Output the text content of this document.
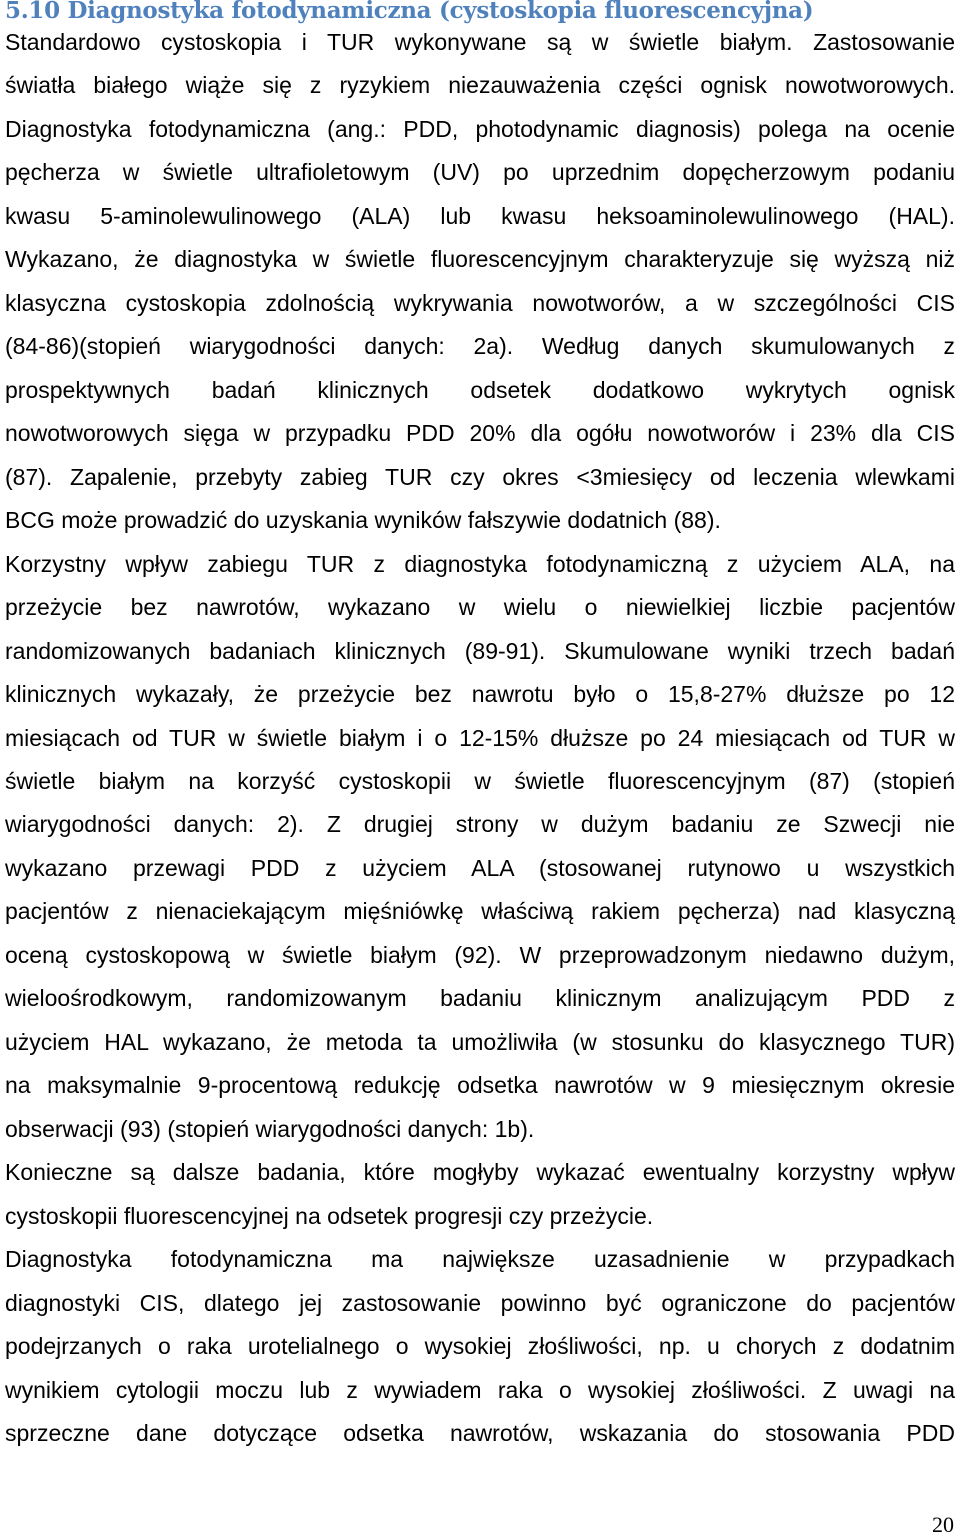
5.10 Diagnostyka fotodynamiczna (cystoskopia fluorescencyjna)
Standardowo cystoskopia i TUR wykonywane są w świetle białym. Zastosowanie
światła białego wiąże się z ryzykiem niezauważenia części ognisk nowotworowych.
Diagnostyka fotodynamiczna (ang.: PDD, photodynamic diagnosis) polega na ocenie
pęcherza w świetle ultrafioletowym (UV) po uprzednim dopęcherzowym podaniu
kwasu 5-aminolewulinowego (ALA) lub kwasu heksoaminolewulinowego (HAL).
Wykazano, że diagnostyka w świetle fluorescencyjnym charakteryzuje się wyższą niż
klasyczna cystoskopia zdolnością wykrywania nowotworów, a w szczególności CIS
(84-86)(stopień wiarygodności danych: 2a). Według danych skumulowanych z
prospektywnych badań klinicznych odsetek dodatkowo wykrytych ognisk
nowotworowych sięga w przypadku PDD 20% dla ogółu nowotworów i 23% dla CIS
(87). Zapalenie, przebyty zabieg TUR czy okres <3miesięcy od leczenia wlewkami
BCG może prowadzić do uzyskania wyników fałszywie dodatnich (88).
Korzystny wpływ zabiegu TUR z diagnostyka fotodynamiczną z użyciem ALA, na
przeżycie bez nawrotów, wykazano w wielu o niewielkiej liczbie pacjentów
randomizowanych badaniach klinicznych (89-91). Skumulowane wyniki trzech badań
klinicznych wykazały, że przeżycie bez nawrotu było o 15,8-27% dłuższe po 12
miesiącach od TUR w świetle białym i o 12-15% dłuższe po 24 miesiącach od TUR w
świetle białym na korzyść cystoskopii w świetle fluorescencyjnym (87) (stopień
wiarygodności danych: 2). Z drugiej strony w dużym badaniu ze Szwecji nie
wykazano przewagi PDD z użyciem ALA (stosowanej rutynowo u wszystkich
pacjentów z nienaciekającym mięśniówkę właściwą rakiem pęcherza) nad klasyczną
oceną cystoskopową w świetle białym (92). W przeprowadzonym niedawno dużym,
wieloośrodkowym, randomizowanym badaniu klinicznym analizującym PDD z
użyciem HAL wykazano, że metoda ta umożliwiła (w stosunku do klasycznego TUR)
na maksymalnie 9-procentową redukcję odsetka nawrotów w 9 miesięcznym okresie
obserwacji (93) (stopień wiarygodności danych: 1b).
Konieczne są dalsze badania, które mogłyby wykazać ewentualny korzystny wpływ
cystoskopii fluorescencyjnej na odsetek progresji czy przeżycie.
Diagnostyka fotodynamiczna ma największe uzasadnienie w przypadkach
diagnostyki CIS, dlatego jej zastosowanie powinno być ograniczone do pacjentów
podejrzanych o raka urotelialnego o wysokiej złośliwości, np. u chorych z dodatnim
wynikiem cytologii moczu lub z wywiadem raka o wysokiej złośliwości. Z uwagi na
sprzeczne dane dotyczące odsetka nawrotów, wskazania do stosowania PDD
20
